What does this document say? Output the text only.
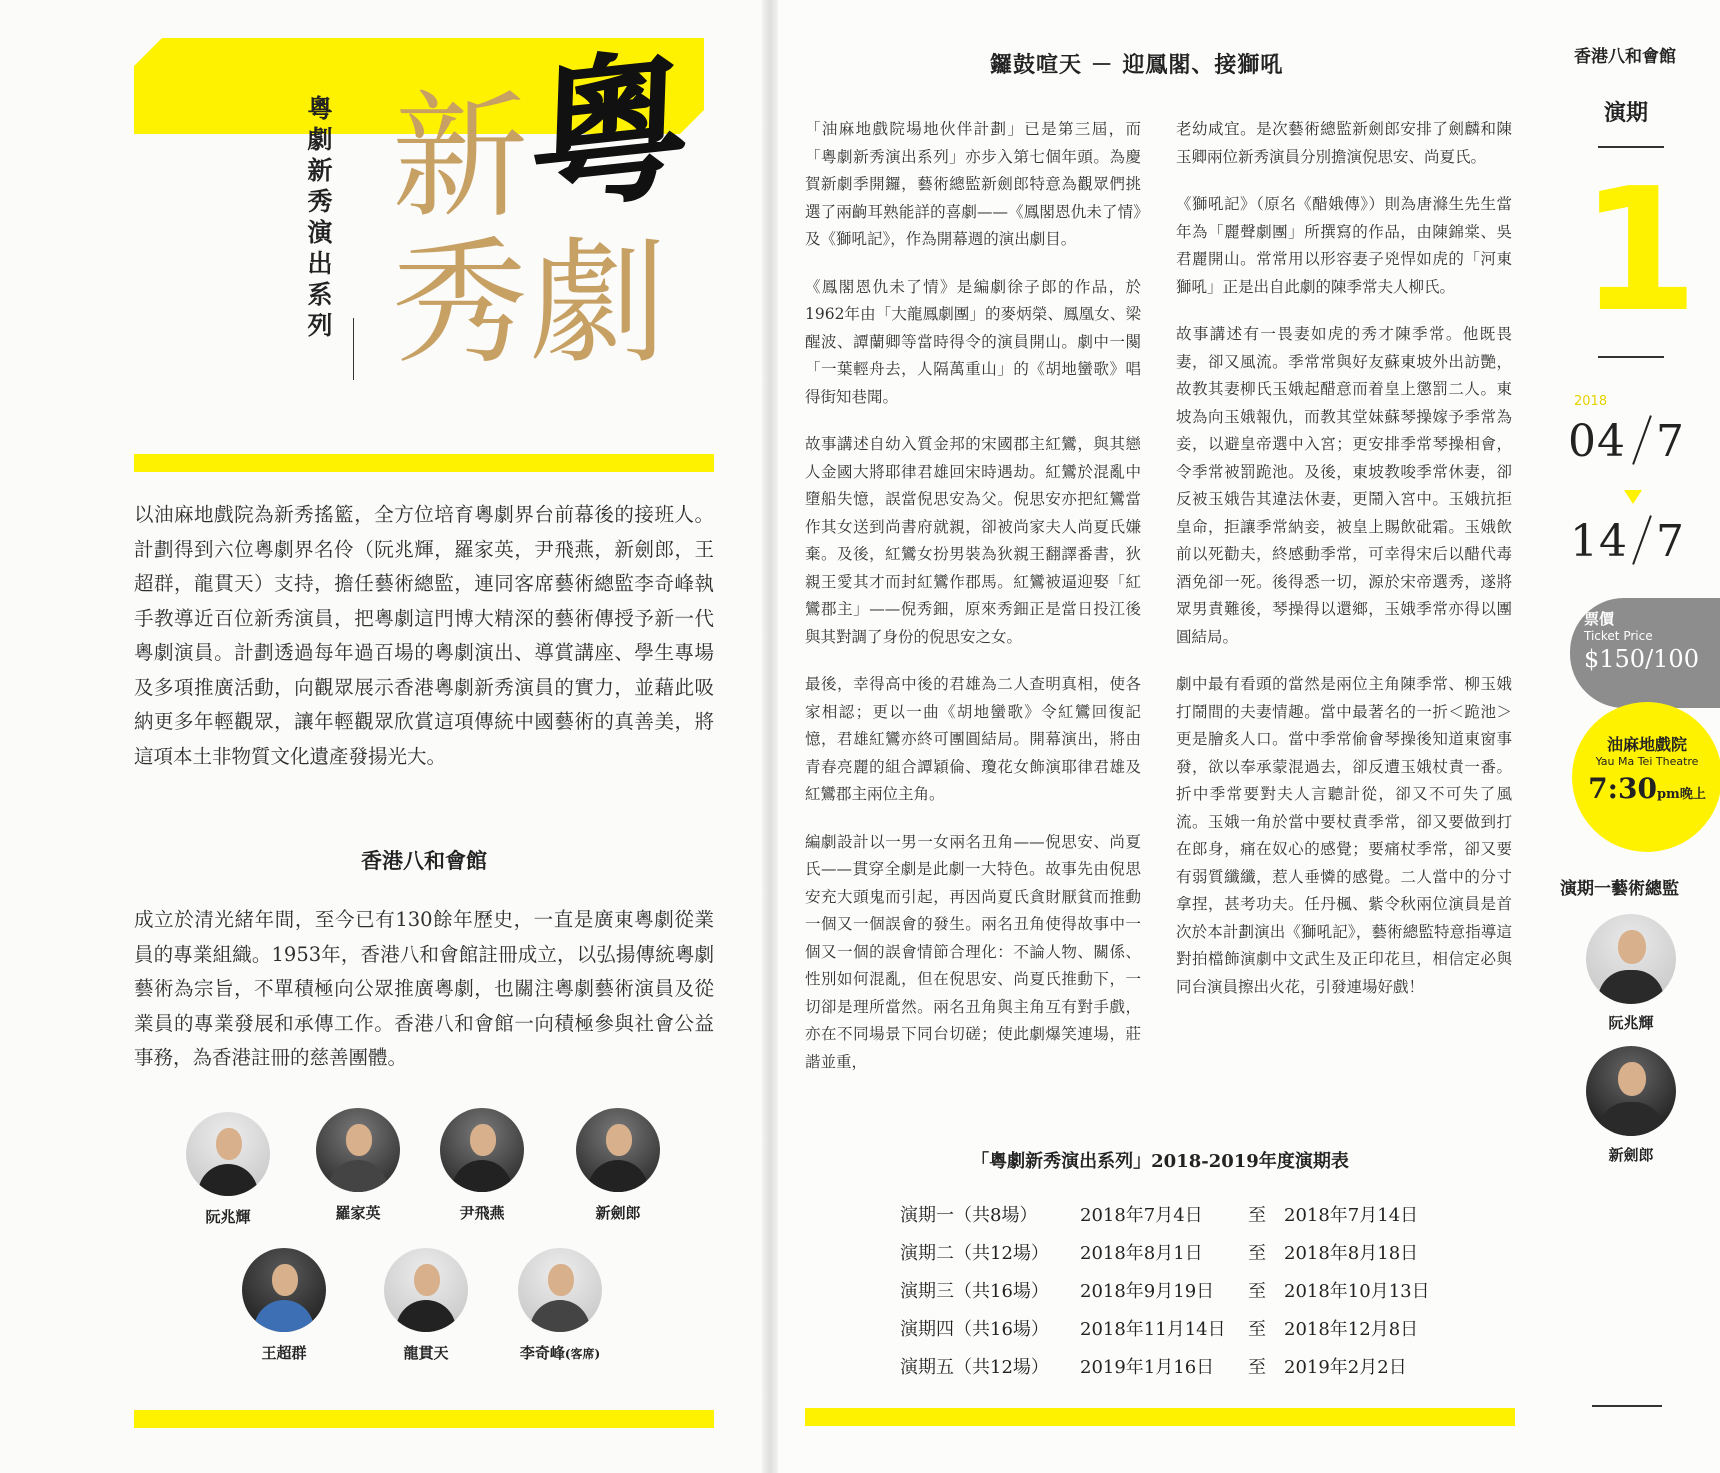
粵劇新秀演出系列 新
劇
秀
粵
以油麻地戲院為新秀搖籃，全方位培育粵劇界台前幕後的接班人。計劃得到六位粵劇界名伶（阮兆輝，羅家英，尹飛燕，新劍郎，王超群，龍貫天）支持，擔任藝術總監，連同客席藝術總監李奇峰執手教導近百位新秀演員，把粵劇這門博大精深的藝術傳授予新一代粵劇演員。計劃透過每年過百場的粵劇演出、導賞講座、學生專場及多項推廣活動，向觀眾展示香港粵劇新秀演員的實力，並藉此吸納更多年輕觀眾，讓年輕觀眾欣賞這項傳統中國藝術的真善美，將這項本土非物質文化遺產發揚光大。
香港八和會館
成立於清光緒年間，至今已有130餘年歷史，一直是廣東粵劇從業員的專業組織。1953年，香港八和會館註冊成立，以弘揚傳統粵劇藝術為宗旨，不單積極向公眾推廣粵劇，也關注粵劇藝術演員及從業員的專業發展和承傳工作。香港八和會館一向積極參與社會公益事務，為香港註冊的慈善團體。
阮兆輝	羅家英	尹飛燕	新劍郎
王超群	龍貫天	李奇峰(客席)
鑼鼓喧天 － 迎鳳閣、接獅吼

「油麻地戲院場地伙伴計劃」已是第三屆，而「粵劇新秀演出系列」亦步入第七個年頭。為慶賀新劇季開鑼，藝術總監新劍郎特意為觀眾們挑選了兩齣耳熟能詳的喜劇——《鳳閣恩仇未了情》及《獅吼記》，作為開幕週的演出劇目。

《鳳閣恩仇未了情》是編劇徐子郎的作品，於1962年由「大龍鳳劇團」的麥炳榮、鳳凰女、梁醒波、譚蘭卿等當時得令的演員開山。劇中一闋「一葉輕舟去，人隔萬重山」的《胡地蠻歌》唱得街知巷聞。

故事講述自幼入質金邦的宋國郡主紅鸞，與其戀人金國大將耶律君雄回宋時遇劫。紅鸞於混亂中墮船失憶，誤當倪思安為父。倪思安亦把紅鸞當作其女送到尚書府就親，卻被尚家夫人尚夏氏嫌棄。及後，紅鸞女扮男裝為狄親王翻譯番書，狄親王愛其才而封紅鸞作郡馬。紅鸞被逼迎娶「紅鸞郡主」——倪秀鈿，原來秀鈿正是當日投江後與其對調了身份的倪思安之女。

最後，幸得高中後的君雄為二人查明真相，使各家相認；更以一曲《胡地蠻歌》令紅鸞回復記憶，君雄紅鸞亦終可團圓結局。開幕演出，將由青春亮麗的組合譚穎倫、瓊花女飾演耶律君雄及紅鸞郡主兩位主角。

編劇設計以一男一女兩名丑角——倪思安、尚夏氏——貫穿全劇是此劇一大特色。故事先由倪思安充大頭鬼而引起，再因尚夏氏貪財厭貧而推動一個又一個誤會的發生。兩名丑角使得故事中一個又一個的誤會情節合理化：不論人物、關係、性別如何混亂，但在倪思安、尚夏氏推動下，一切卻是理所當然。兩名丑角與主角互有對手戲，亦在不同場景下同台切磋；使此劇爆笑連場，莊諧並重，

老幼咸宜。是次藝術總監新劍郎安排了劍麟和陳玉卿兩位新秀演員分別擔演倪思安、尚夏氏。

《獅吼記》（原名《醋娥傳》）則為唐滌生先生當年為「麗聲劇團」所撰寫的作品，由陳錦棠、吳君麗開山。常常用以形容妻子兇悍如虎的「河東獅吼」正是出自此劇的陳季常夫人柳氏。

故事講述有一畏妻如虎的秀才陳季常。他既畏妻，卻又風流。季常常與好友蘇東坡外出訪艷，故教其妻柳氏玉娥起醋意而着皇上懲罰二人。東坡為向玉娥報仇，而教其堂妹蘇琴操嫁予季常為妾，以避皇帝選中入宮；更安排季常琴操相會，令季常被罰跪池。及後，東坡教唆季常休妻，卻反被玉娥告其違法休妻，更鬧入宮中。玉娥抗拒皇命，拒讓季常納妾，被皇上賜飲砒霜。玉娥飲前以死勸夫，終感動季常，可幸得宋后以醋代毒酒免卻一死。後得悉一切，源於宋帝選秀，遂將眾男責難後，琴操得以還鄉，玉娥季常亦得以團圓結局。

劇中最有看頭的當然是兩位主角陳季常、柳玉娥打鬧間的夫妻情趣。當中最著名的一折＜跪池＞更是膾炙人口。當中季常偷會琴操後知道東窗事發，欲以奉承蒙混過去，卻反遭玉娥杖責一番。折中季常要對夫人言聽計從，卻又不可失了風流。玉娥一角於當中要杖責季常，卻又要做到打在郎身，痛在奴心的感覺；要痛杖季常，卻又要有弱質纖纖，惹人垂憐的感覺。二人當中的分寸拿捏，甚考功夫。任丹楓、紫令秋兩位演員是首次於本計劃演出《獅吼記》，藝術總監特意指導這對拍檔飾演劇中文武生及正印花旦，相信定必與同台演員擦出火花，引發連場好戲！

「粵劇新秀演出系列」2018-2019年度演期表
演期一（共8場）	2018年7月4日	至	2018年7月14日
演期二（共12場）	2018年8月1日	至	2018年8月18日
演期三（共16場）	2018年9月19日	至	2018年10月13日
演期四（共16場）	2018年11月14日	至	2018年12月8日
演期五（共12場）	2019年1月16日	至	2019年2月2日
香港八和會館
演期
1
2018
04 7
14 7
票價
Ticket Price
$150/100
油麻地戲院
Yau Ma Tei Theatre
7:30pm晚上
演期一藝術總監
阮兆輝
新劍郎
